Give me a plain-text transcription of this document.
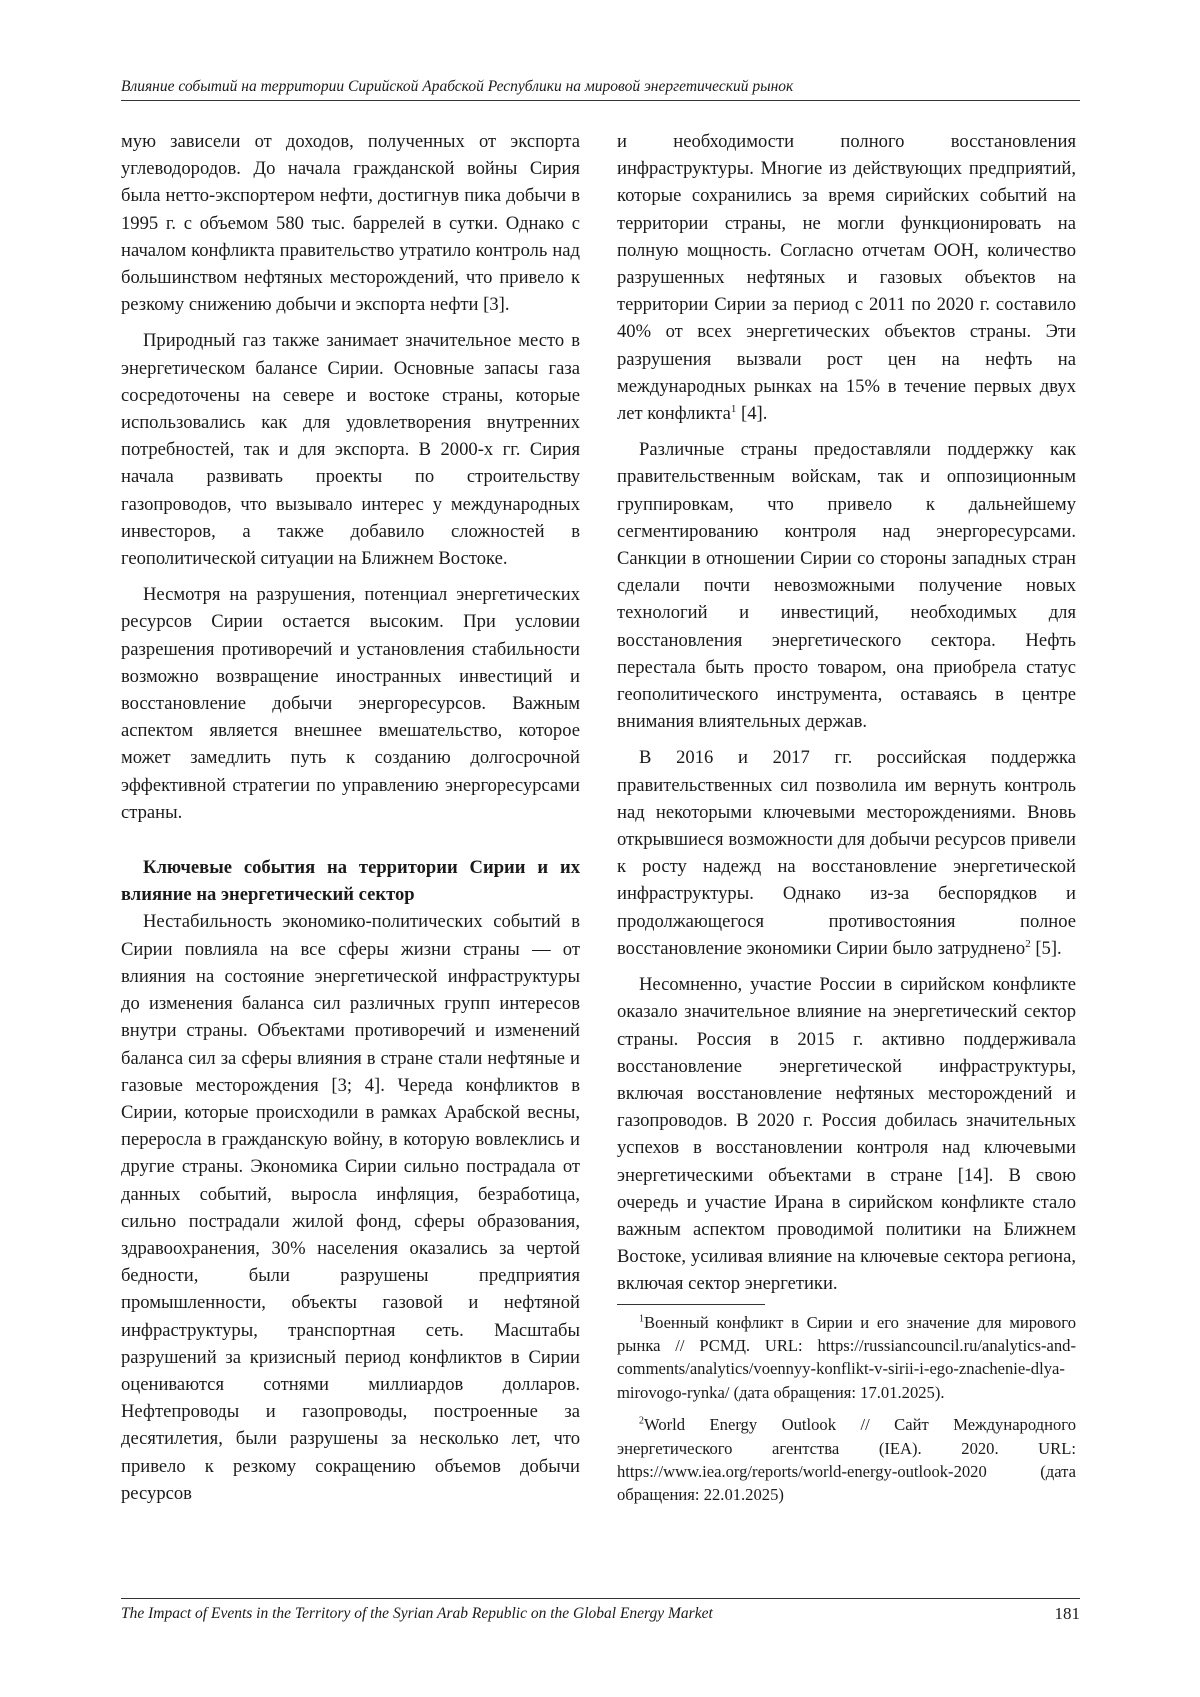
Влияние событий на территории Сирийской Арабской Республики на мировой энергетический рынок

мую зависели от доходов, полученных от экспорта углеводородов. До начала гражданской войны Сирия была нетто-экспортером нефти, достигнув пика добычи в 1995 г. с объемом 580 тыс. баррелей в сутки. Однако с началом конфликта правительство утратило контроль над большинством нефтяных месторождений, что привело к резкому снижению добычи и экспорта нефти [3].

Природный газ также занимает значительное место в энергетическом балансе Сирии. Основные запасы газа сосредоточены на севере и востоке страны, которые использовались как для удовлетворения внутренних потребностей, так и для экспорта. В 2000-х гг. Сирия начала развивать проекты по строительству газопроводов, что вызывало интерес у международных инвесторов, а также добавило сложностей в геополитической ситуации на Ближнем Востоке.

Несмотря на разрушения, потенциал энергетических ресурсов Сирии остается высоким. При условии разрешения противоречий и установления стабильности возможно возвращение иностранных инвестиций и восстановление добычи энергоресурсов. Важным аспектом является внешнее вмешательство, которое может замедлить путь к созданию долгосрочной эффективной стратегии по управлению энергоресурсами страны.

Ключевые события на территории Сирии и их влияние на энергетический сектор

Нестабильность экономико-политических событий в Сирии повлияла на все сферы жизни страны — от влияния на состояние энергетической инфраструктуры до изменения баланса сил различных групп интересов внутри страны. Объектами противоречий и изменений баланса сил за сферы влияния в стране стали нефтяные и газовые месторождения [3; 4]. Череда конфликтов в Сирии, которые происходили в рамках Арабской весны, переросла в гражданскую войну, в которую вовлеклись и другие страны. Экономика Сирии сильно пострадала от данных событий, выросла инфляция, безработица, сильно пострадали жилой фонд, сферы образования, здравоохранения, 30% населения оказались за чертой бедности, были разрушены предприятия промышленности, объекты газовой и нефтяной инфраструктуры, транспортная сеть. Масштабы разрушений за кризисный период конфликтов в Сирии оцениваются сотнями миллиардов долларов. Нефтепроводы и газопроводы, построенные за десятилетия, были разрушены за несколько лет, что привело к резкому сокращению объемов добычи ресурсов

и необходимости полного восстановления инфраструктуры. Многие из действующих предприятий, которые сохранились за время сирийских событий на территории страны, не могли функционировать на полную мощность. Согласно отчетам ООН, количество разрушенных нефтяных и газовых объектов на территории Сирии за период с 2011 по 2020 г. составило 40% от всех энергетических объектов страны. Эти разрушения вызвали рост цен на нефть на международных рынках на 15% в течение первых двух лет конфликта$^1$ [4].

Различные страны предоставляли поддержку как правительственным войскам, так и оппозиционным группировкам, что привело к дальнейшему сегментированию контроля над энергоресурсами. Санкции в отношении Сирии со стороны западных стран сделали почти невозможными получение новых технологий и инвестиций, необходимых для восстановления энергетического сектора. Нефть перестала быть просто товаром, она приобрела статус геополитического инструмента, оставаясь в центре внимания влиятельных держав.

В 2016 и 2017 гг. российская поддержка правительственных сил позволила им вернуть контроль над некоторыми ключевыми месторождениями. Вновь открывшиеся возможности для добычи ресурсов привели к росту надежд на восстановление энергетической инфраструктуры. Однако из-за беспорядков и продолжающегося противостояния полное восстановление экономики Сирии было затруднено$^2$ [5].

Несомненно, участие России в сирийском конфликте оказало значительное влияние на энергетический сектор страны. Россия в 2015 г. активно поддерживала восстановление энергетической инфраструктуры, включая восстановление нефтяных месторождений и газопроводов. В 2020 г. Россия добилась значительных успехов в восстановлении контроля над ключевыми энергетическими объектами в стране [14]. В свою очередь и участие Ирана в сирийском конфликте стало важным аспектом проводимой политики на Ближнем Востоке, усиливая влияние на ключевые сектора региона, включая сектор энергетики.

$^1$Военный конфликт в Сирии и его значение для мирового рынка // РСМД. URL: https://russiancouncil.ru/analytics-and-comments/analytics/voennyy-konflikt-v-sirii-i-ego-znachenie-dlya-mirovogo-rynka/ (дата обращения: 17.01.2025).

$^2$World Energy Outlook // Сайт Международного энергетического агентства (IEA). 2020. URL: https://www.iea.org/reports/world-energy-outlook-2020 (дата обращения: 22.01.2025)

The Impact of Events in the Territory of the Syrian Arab Republic on the Global Energy Market	181
